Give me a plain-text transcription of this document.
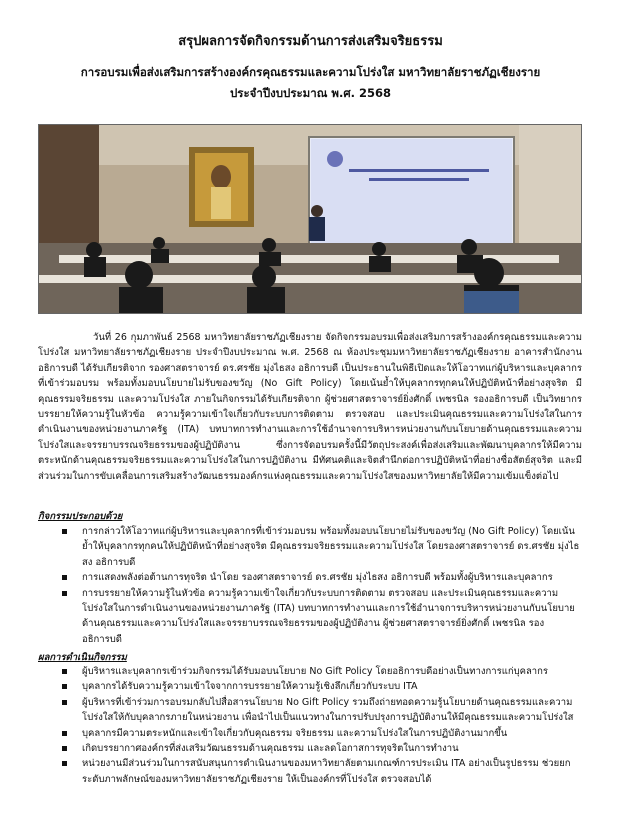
สรุปผลการจัดกิจกรรมด้านการส่งเสริมจริยธรรม
การอบรมเพื่อส่งเสริมการสร้างองค์กรคุณธรรมและความโปร่งใส มหาวิทยาลัยราชภัฏเชียงราย
ประจำปีงบประมาณ พ.ศ. 2568
วันที่ 26 กุมภาพันธ์ 2568 มหาวิทยาลัยราชภัฏเชียงราย จัดกิจกรรมอบรมเพื่อส่งเสริมการสร้างองค์กรคุณธรรมและความโปร่งใส มหาวิทยาลัยราชภัฏเชียงราย ประจำปีงบประมาณ พ.ศ. 2568 ณ ห้องประชุมมหาวิทยาลัยราชภัฏเชียงราย อาคารสำนักงานอธิการบดี ได้รับเกียรติจาก รองศาสตราจารย์ ดร.ศรชัย มุ่งไธสง อธิการบดี เป็นประธานในพิธีเปิดและให้โอวาทแก่ผู้บริหารและบุคลากรที่เข้าร่วมอบรม พร้อมทั้งมอบนโยบายไม่รับของขวัญ (No Gift Policy) โดยเน้นย้ำให้บุคลากรทุกคนให้ปฏิบัติหน้าที่อย่างสุจริต มีคุณธรรมจริยธรรม และความโปร่งใส ภายในกิจกรรมได้รับเกียรติจาก ผู้ช่วยศาสตราจารย์ยิ่งศักดิ์ เพชรนิล รองอธิการบดี เป็นวิทยากรบรรยายให้ความรู้ในหัวข้อ ความรู้ความเข้าใจเกี่ยวกับระบบการติดตาม ตรวจสอบ และประเมินคุณธรรมและความโปร่งใสในการดำเนินงานของหน่วยงานภาครัฐ (ITA) บทบาทการทำงานและการใช้อำนาจการบริหารหน่วยงานกับนโยบายด้านคุณธรรมและความโปร่งใสและจรรยาบรรณจริยธรรมของผู้ปฏิบัติงาน ซึ่งการจัดอบรมครั้งนี้มีวัตถุประสงค์เพื่อส่งเสริมและพัฒนาบุคลากรให้มีความตระหนักด้านคุณธรรมจริยธรรมและความโปร่งใสในการปฏิบัติงาน มีทัศนคติและจิตสำนึกต่อการปฏิบัติหน้าที่อย่างซื่อสัตย์สุจริต และมีส่วนร่วมในการขับเคลื่อนการเสริมสร้างวัฒนธรรมองค์กรแห่งคุณธรรมและความโปร่งใสของมหาวิทยาลัยให้มีความเข้มแข็งต่อไป
กิจกรรมประกอบด้วย
การกล่าวให้โอวาทแก่ผู้บริหารและบุคลากรที่เข้าร่วมอบรม พร้อมทั้งมอบนโยบายไม่รับของขวัญ (No Gift Policy) โดยเน้นย้ำให้บุคลากรทุกคนให้ปฏิบัติหน้าที่อย่างสุจริต มีคุณธรรมจริยธรรมและความโปร่งใส โดยรองศาสตราจารย์ ดร.ศรชัย มุ่งไธสง อธิการบดี
การแสดงพลังต่อต้านการทุจริต นำโดย รองศาสตราจารย์ ดร.ศรชัย มุ่งไธสง อธิการบดี พร้อมทั้งผู้บริหารและบุคลากร
การบรรยายให้ความรู้ในหัวข้อ ความรู้ความเข้าใจเกี่ยวกับระบบการติดตาม ตรวจสอบ และประเมินคุณธรรมและความโปร่งใสในการดำเนินงานของหน่วยงานภาครัฐ (ITA) บทบาทการทำงานและการใช้อำนาจการบริหารหน่วยงานกับนโยบายด้านคุณธรรมและความโปร่งใสและจรรยาบรรณจริยธรรมของผู้ปฏิบัติงาน ผู้ช่วยศาสตราจารย์ยิ่งศักดิ์ เพชรนิล รองอธิการบดี
ผลการดำเนินกิจกรรม
ผู้บริหารและบุคลากรเข้าร่วมกิจกรรมได้รับมอบนโยบาย No Gift Policy โดยอธิการบดีอย่างเป็นทางการแก่บุคลากร
บุคลากรได้รับความรู้ความเข้าใจจากการบรรยายให้ความรู้เชิงลึกเกี่ยวกับระบบ ITA
ผู้บริหารที่เข้าร่วมการอบรมกลับไปสื่อสารนโยบาย No Gift Policy รวมถึงถ่ายทอดความรู้นโยบายด้านคุณธรรมและความโปร่งใสให้กับบุคลากรภายในหน่วยงาน เพื่อนำไปเป็นแนวทางในการปรับปรุงการปฏิบัติงานให้มีคุณธรรมและความโปร่งใส
บุคลากรมีความตระหนักและเข้าใจเกี่ยวกับคุณธรรม จริยธรรม และความโปร่งใสในการปฏิบัติงานมากขึ้น
เกิดบรรยากาศองค์กรที่ส่งเสริมวัฒนธรรมด้านคุณธรรม และลดโอกาสการทุจริตในการทำงาน
หน่วยงานมีส่วนร่วมในการสนับสนุนการดำเนินงานของมหาวิทยาลัยตามเกณฑ์การประเมิน ITA อย่างเป็นรูปธรรม ช่วยยกระดับภาพลักษณ์ของมหาวิทยาลัยราชภัฏเชียงราย ให้เป็นองค์กรที่โปร่งใส ตรวจสอบได้
